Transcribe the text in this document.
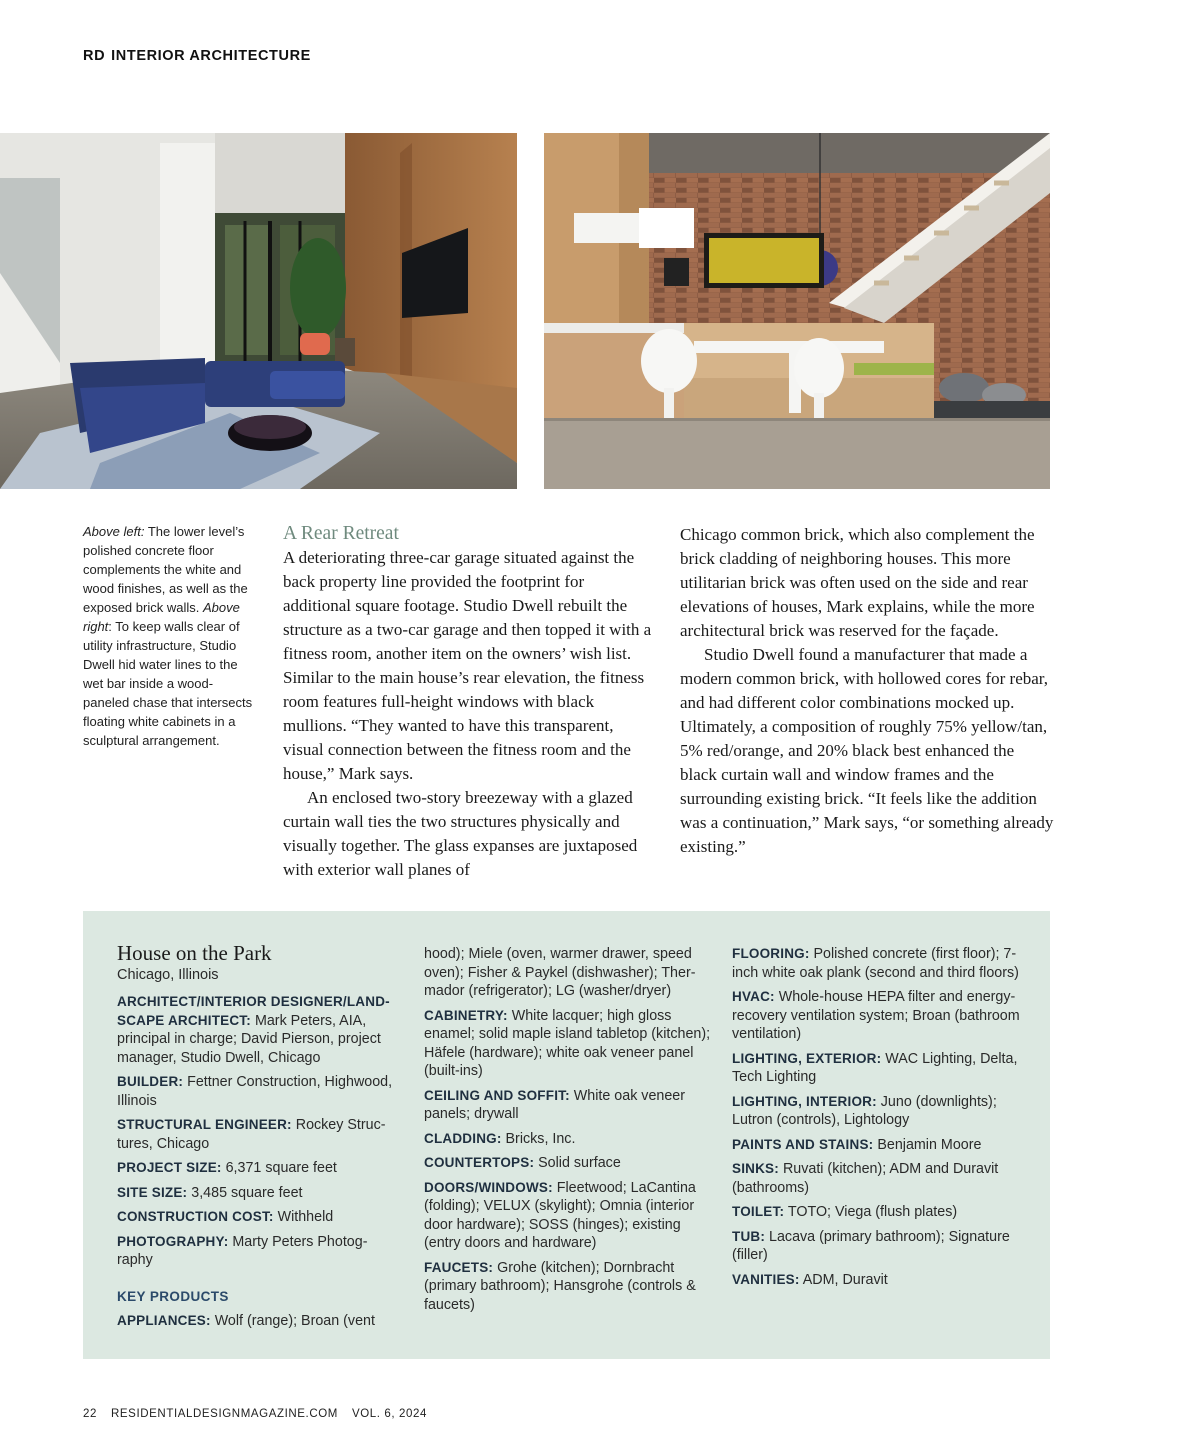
RD INTERIOR ARCHITECTURE
Above left: The lower level’s polished concrete floor complements the white and wood finishes, as well as the exposed brick walls. Above right: To keep walls clear of utility infrastructure, Studio Dwell hid water lines to the wet bar inside a wood-paneled chase that intersects floating white cabinets in a sculptural arrangement.
A Rear Retreat

A deteriorating three-car garage situated against the back property line provided the footprint for additional square footage. Studio Dwell rebuilt the structure as a two-car garage and then topped it with a fitness room, another item on the owners’ wish list. Similar to the main house’s rear elevation, the fitness room features full-height windows with black mullions. “They wanted to have this transparent, visual connection between the fitness room and the house,” Mark says.

An enclosed two-story breezeway with a glazed curtain wall ties the two structures physically and visually together. The glass expanses are juxtaposed with exterior wall planes of

Chicago common brick, which also complement the brick cladding of neighboring houses. This more utilitarian brick was often used on the side and rear elevations of houses, Mark explains, while the more architectural brick was reserved for the façade.

Studio Dwell found a manufacturer that made a modern common brick, with hollowed cores for rebar, and had different color combinations mocked up. Ultimately, a composition of roughly 75% yellow/tan, 5% red/orange, and 20% black best enhanced the black curtain wall and window frames and the surrounding existing brick. “It feels like the addition was a continuation,” Mark says, “or something already existing.”

House on the Park
Chicago, Illinois
ARCHITECT/INTERIOR DESIGNER/LANDSCAPE ARCHITECT: Mark Peters, AIA, principal in charge; David Pierson, project manager, Studio Dwell, Chicago
BUILDER: Fettner Construction, Highwood, Illinois
STRUCTURAL ENGINEER: Rockey Structures, Chicago
PROJECT SIZE: 6,371 square feet
SITE SIZE: 3,485 square feet
CONSTRUCTION COST: Withheld
PHOTOGRAPHY: Marty Peters Photography
KEY PRODUCTS
APPLIANCES: Wolf (range); Broan (vent
hood); Miele (oven, warmer drawer, speed oven); Fisher & Paykel (dishwasher); Thermador (refrigerator); LG (washer/dryer)
CABINETRY: White lacquer; high gloss enamel; solid maple island tabletop (kitchen); Häfele (hardware); white oak veneer panel (built-ins)
CEILING AND SOFFIT: White oak veneer panels; drywall
CLADDING: Bricks, Inc.
COUNTERTOPS: Solid surface
DOORS/WINDOWS: Fleetwood; LaCantina (folding); VELUX (skylight); Omnia (interior door hardware); SOSS (hinges); existing (entry doors and hardware)
FAUCETS: Grohe (kitchen); Dornbracht (primary bathroom); Hansgrohe (controls & faucets)
FLOORING: Polished concrete (first floor); 7-inch white oak plank (second and third floors)
HVAC: Whole-house HEPA filter and energy-recovery ventilation system; Broan (bathroom ventilation)
LIGHTING, EXTERIOR: WAC Lighting, Delta, Tech Lighting
LIGHTING, INTERIOR: Juno (downlights); Lutron (controls), Lightology
PAINTS AND STAINS: Benjamin Moore
SINKS: Ruvati (kitchen); ADM and Duravit (bathrooms)
TOILET: TOTO; Viega (flush plates)
TUB: Lacava (primary bathroom); Signature (filler)
VANITIES: ADM, Duravit
22 RESIDENTIALDESIGNMAGAZINE.COM VOL. 6, 2024
